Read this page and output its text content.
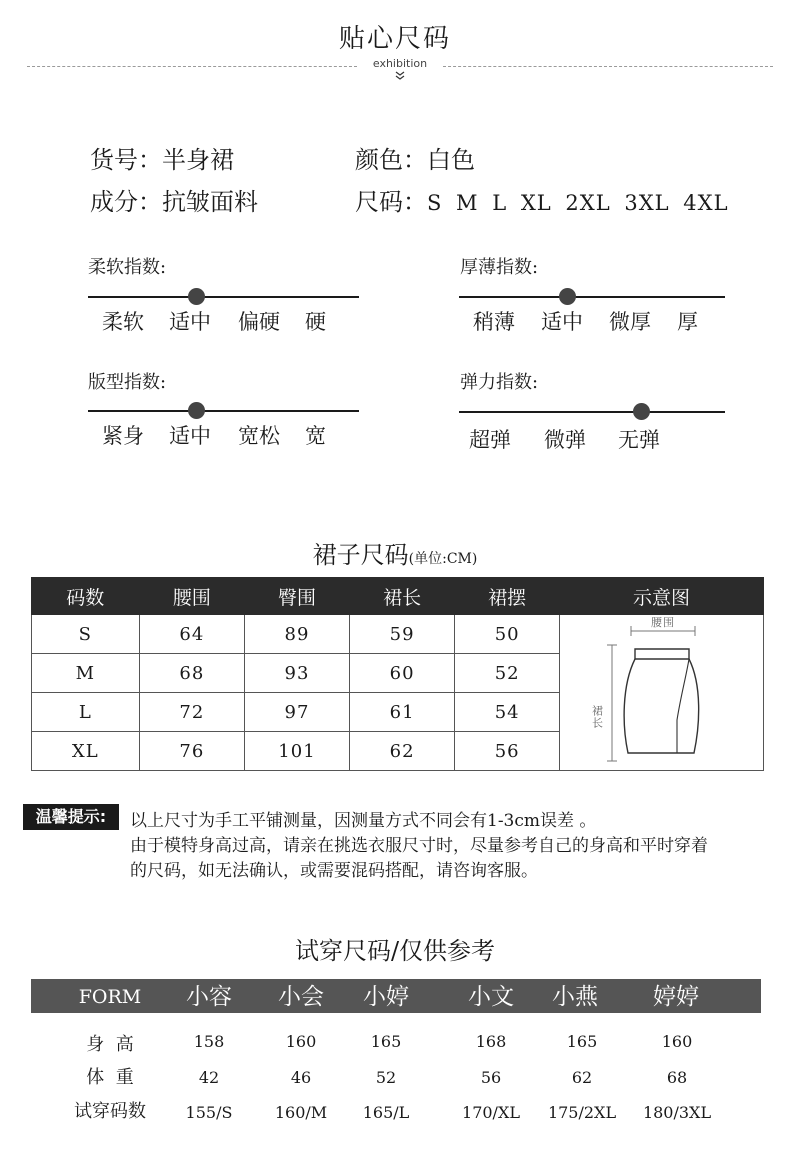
贴心尺码
exhibition
货号：半身裙	颜色：白色
成分：抗皱面料	尺码：S M L XL 2XL 3XL 4XL
柔软指数:
柔软 适中 偏硬 硬
厚薄指数:
稍薄 适中 微厚 厚
版型指数:
紧身 适中 宽松 宽
弹力指数:
超弹 微弹 无弹
裙子尺码(单位:CM)
码数	腰围	臀围	裙长	裙摆	示意图
S	64	89	59	50	腰围
裙长

M	68	93	60	52	
L	72	97	61	54	
XL	76	101	62	56	
温馨提示:	以上尺寸为手工平铺测量，因测量方式不同会有1-3cm误差 。
由于模特身高过高，请亲在挑选衣服尺寸时，尽量参考自己的身高和平时穿着
的尺码，如无法确认，或需要混码搭配，请咨询客服。
试穿尺码/仅供参考
FORM	小容	小会	小婷	小文	小燕	婷婷
身  高	158	160	165	168	165	160
体  重	42	46	52	56	62	68
试穿码数	155/S	160/M	165/L	170/XL	175/2XL	180/3XL
